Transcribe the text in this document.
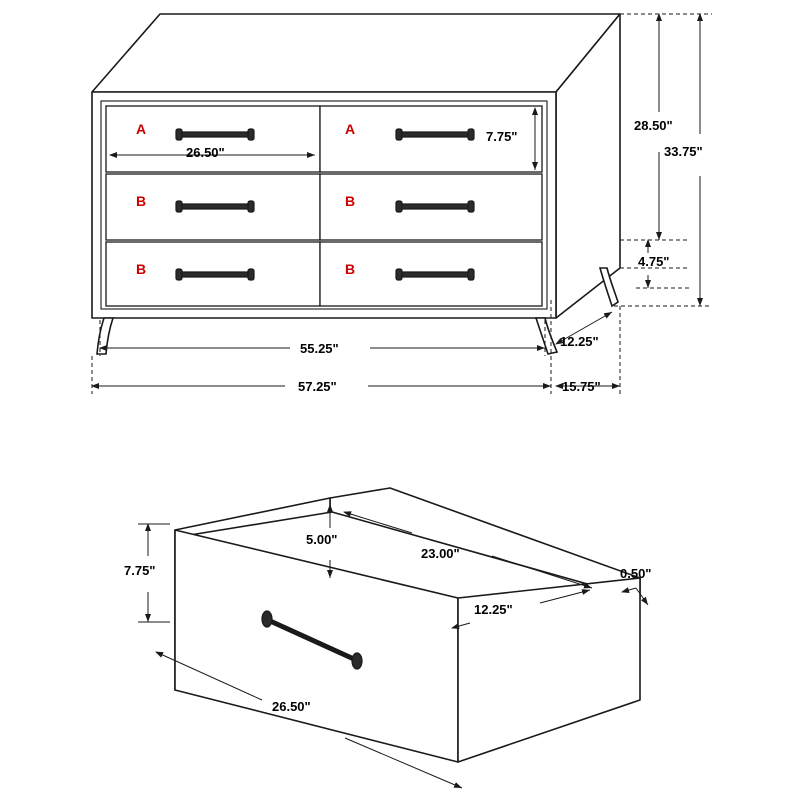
A	A
B	B
B	B
26.50"
7.75"
28.50"
33.75"
4.75"
55.25"
57.25"
12.25"
15.75"
5.00"
7.75"
23.00"
12.25"
0.50"
26.50"
